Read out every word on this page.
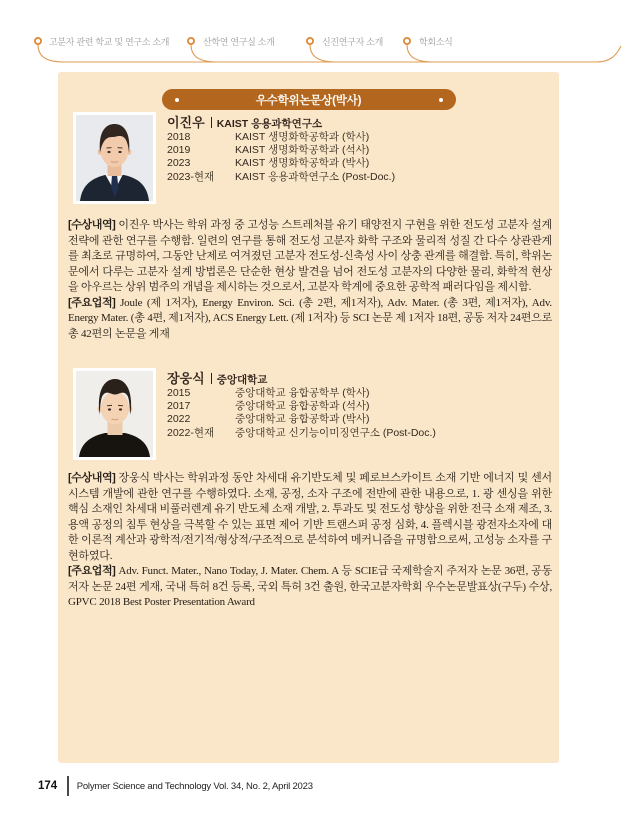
고분자 관련 학교 및 연구소 소개	산학연 연구실 소개	신진연구자 소개	학회소식
우수학위논문상(박사)
이진우 KAIST 응용과학연구소
2018	KAIST 생명화학공학과 (학사)
2019	KAIST 생명화학공학과 (석사)
2023	KAIST 생명화학공학과 (박사)
2023-현재	KAIST 응용과학연구소 (Post-Doc.)

[수상내역] 이진우 박사는 학위 과정 중 고성능 스트레처블 유기 태양전지 구현을 위한 전도성 고분자 설계 전략에 관한 연구를 수행함. 일련의 연구를 통해 전도성 고분자 화학 구조와 물리적 성질 간 다수 상관관계를 최초로 규명하여, 그동안 난제로 여겨졌던 고분자 전도성-신축성 사이 상충 관계를 해결함. 특히, 학위논문에서 다루는 고분자 설계 방법론은 단순한 현상 발견을 넘어 전도성 고분자의 다양한 물리, 화학적 현상을 아우르는 상위 범주의 개념을 제시하는 것으로서, 고분자 학계에 중요한 공학적 패러다임을 제시함.

[주요업적] Joule (제 1저자), Energy Environ. Sci. (총 2편, 제1저자), Adv. Mater. (총 3편, 제1저자), Adv. Energy Mater. (총 4편, 제1저자), ACS Energy Lett. (제 1저자) 등 SCI 논문 제 1저자 18편, 공동 저자 24편으로 총 42편의 논문을 게재

장웅식 중앙대학교
2015	중앙대학교 융합공학부 (학사)
2017	중앙대학교 융합공학과 (석사)
2022	중앙대학교 융합공학과 (박사)
2022-현재	중앙대학교 신기능이미징연구소 (Post-Doc.)

[수상내역] 장웅식 박사는 학위과정 동안 차세대 유기반도체 및 페로브스카이트 소재 기반 에너지 및 센서 시스템 개발에 관한 연구를 수행하였다. 소재, 공정, 소자 구조에 전반에 관한 내용으로, 1. 광 센싱을 위한 핵심 소재인 차세대 비풀러렌계 유기 반도체 소재 개발, 2. 투과도 및 전도성 향상을 위한 전극 소재 제조, 3. 용액 공정의 침투 현상을 극복할 수 있는 표면 제어 기반 트랜스퍼 공정 심화, 4. 플렉시블 광전자소자에 대한 이론적 계산과 광학적/전기적/형상적/구조적으로 분석하여 메커니즘을 규명함으로써, 고성능 소자를 구현하였다.

[주요업적] Adv. Funct. Mater., Nano Today, J. Mater. Chem. A 등 SCIE급 국제학술지 주저자 논문 36편, 공동저자 논문 24편 게재, 국내 특허 8건 등록, 국외 특허 3건 출원, 한국고분자학회 우수논문발표상(구두) 수상, GPVC 2018 Best Poster Presentation Award

174 Polymer Science and Technology Vol. 34, No. 2, April 2023
